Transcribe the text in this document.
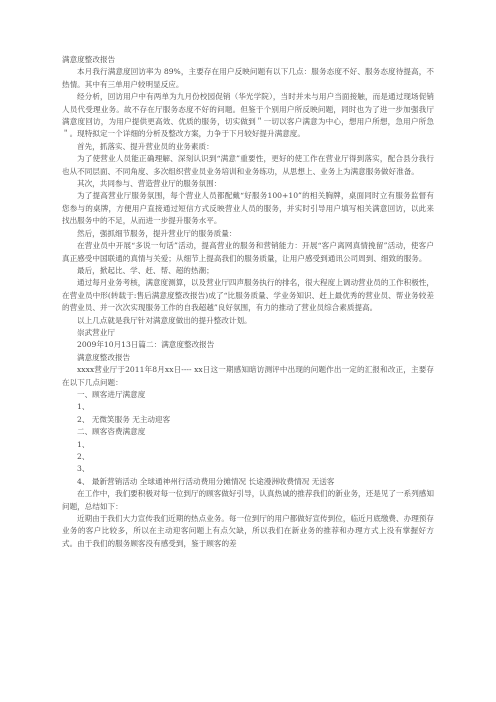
满意度整改报告

本月我行满意度回访率为 89%，主要存在用户反映问题有以下几点：服务态度不好、服务态度待提高，不热情。其中有三单用户较明显反应。

经分析，回访用户中有两单为九月份校园促销（华光学院），当时并未与用户当面接触，而是通过现场促销人员代受理业务。故不存在厅服务态度不好的问题。但鉴于个别用户所反映问题，同时也为了进一步加强我厅满意度回访，为用户提供更高效、优质的服务，切实做到＂一切以客户满意为中心，想用户所想，急用户所急＂。现特拟定一个详细的分析及整改方案，力争于下月较好提升满意度。

首先，抓落实、提升营业员的业务素质：

为了使营业人员能正确理解、深刻认识到“满意”重要性，更好的使工作在营业厅得到落实，配合县分我行也从不同层面、不同角度、多次组织营业员业务培训和业务练功，从思想上、业务上为满意服务做好准备。

其次，共同参与、营造营业厅的服务氛围：

为了提高营业厅服务氛围，每个营业人员都配戴“好服务100+10”的相关胸牌，桌面同时立有服务监督有您参与的桌牌，方便用户直接通过短信方式反映营业人员的服务，并实时引导用户填写相关满意回访，以此来找出服务中的不足，从而进一步提升服务水平。

然后，强抓细节服务，提升营业厅的服务质量：

在营业员中开展“多说一句话”活动，提高营业的服务和营销能力：开展“客户离网真情挽留”活动，使客户真正感受中国联通的真情与关爱；从细节上提高我们的服务质量，让用户感受到通讯公司周到、细致的服务。

最后，掀起比、学、赶、帮、超的热潮；

通过每月业务考核，满意度测算，以及营业厅四声服务执行的排名，很大程度上调动营业员的工作积极性，在营业员中形(转载于:售后满意度整改报告)成了“比服务质量、学业务知识、赶上最优秀的营业员、帮业务较差的营业员、并一次次实现服务工作的自我超越”良好氛围，有力的推动了营业员综合素质提高。

以上几点就是我厅针对满意度做出的提升整改计划。

崇武营业厅

2009年10月13日篇二：满意度整改报告

满意度整改报告

xxxx营业厅于2011年8月xx日---- xx日这一期感知暗访测评中出现的问题作出一定的汇报和改正，主要存在以下几点问题：

一、顾客进厅满意度

1、

2、 无微笑服务 无主动迎客

二、顾客咨费满意度

1、

2、

3、

4、 最新营销活动 全球通神州行活动费用分摊情况 长途漫洲收费情况 无送客

在工作中，我们要积极对每一位到厅的顾客做好引导，认真热诚的推荐我们的新业务，还是见了一系列感知问题，总结如下：

近期由于我们大力宣传我们近期的热点业务。每一位到厅的用户都做好宣传到位，临近月底缴费、办理预存业务的客户比较多，所以在主动迎客问题上有点欠缺，所以我们在新业务的推荐和办理方式上没有掌握好方式。由于我们的服务顾客没有感受到，鉴于顾客的差
